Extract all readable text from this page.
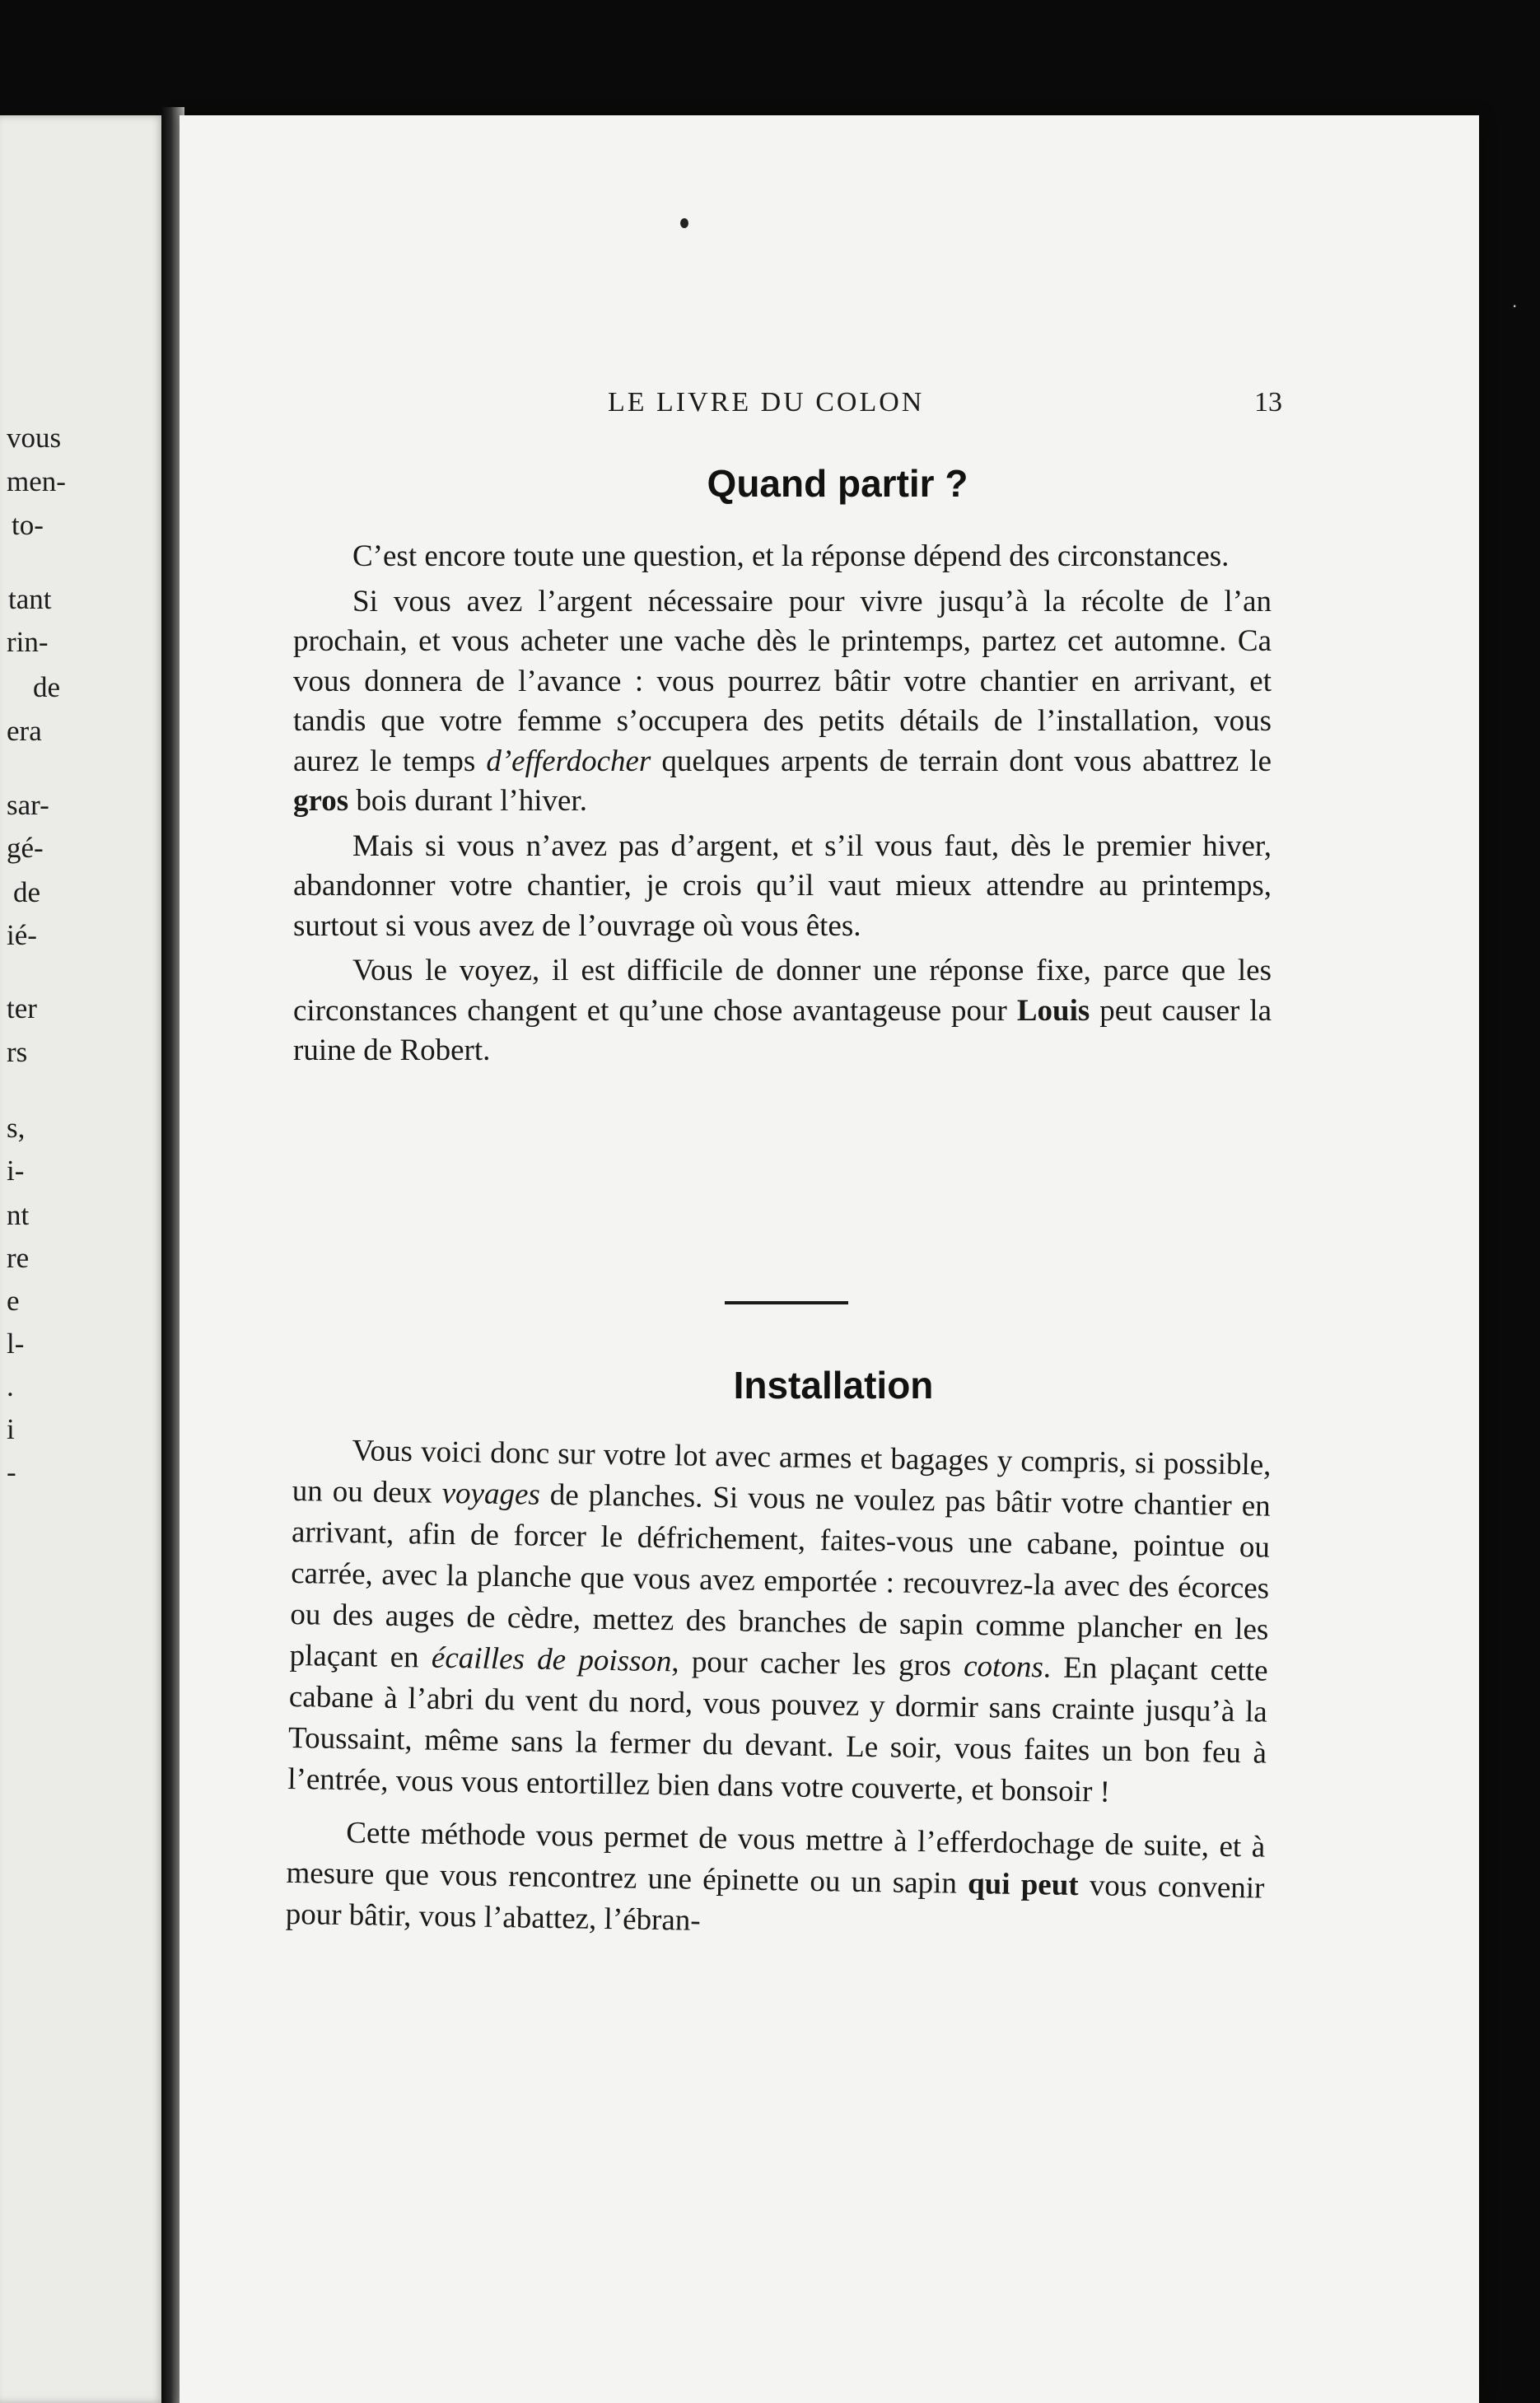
vous
men-
to-
tant
rin-
de
era
sar-
gé-
de
ié-
ter
rs
s,
i-
nt
re
e
l-
.
i
-
LE LIVRE DU COLON	13
Quand partir ?

C’est encore toute une question, et la réponse dépend des circonstances.

Si vous avez l’argent nécessaire pour vivre jusqu’à la récolte de l’an prochain, et vous acheter une vache dès le printemps, partez cet automne. Ca vous donnera de l’avance : vous pourrez bâtir votre chantier en arrivant, et tandis que votre femme s’occupera des petits détails de l’installation, vous aurez le temps d’efferdocher quelques arpents de terrain dont vous abattrez le gros bois durant l’hiver.

Mais si vous n’avez pas d’argent, et s’il vous faut, dès le premier hiver, abandonner votre chantier, je crois qu’il vaut mieux attendre au printemps, surtout si vous avez de l’ouvrage où vous êtes.

Vous le voyez, il est difficile de donner une réponse fixe, parce que les circonstances changent et qu’une chose avantageuse pour Louis peut causer la ruine de Robert.

Installation

Vous voici donc sur votre lot avec armes et bagages y compris, si possible, un ou deux voyages de planches. Si vous ne voulez pas bâtir votre chantier en arrivant, afin de forcer le défrichement, faites-vous une cabane, pointue ou carrée, avec la planche que vous avez emportée : recouvrez-la avec des écorces ou des auges de cèdre, mettez des branches de sapin comme plancher en les plaçant en écailles de poisson, pour cacher les gros cotons. En plaçant cette cabane à l’abri du vent du nord, vous pouvez y dormir sans crainte jusqu’à la Toussaint, même sans la fermer du devant. Le soir, vous faites un bon feu à l’entrée, vous vous entortillez bien dans votre couverte, et bonsoir !

Cette méthode vous permet de vous mettre à l’efferdochage de suite, et à mesure que vous rencontrez une épinette ou un sapin qui peut vous convenir pour bâtir, vous l’abattez, l’ébran-

·
